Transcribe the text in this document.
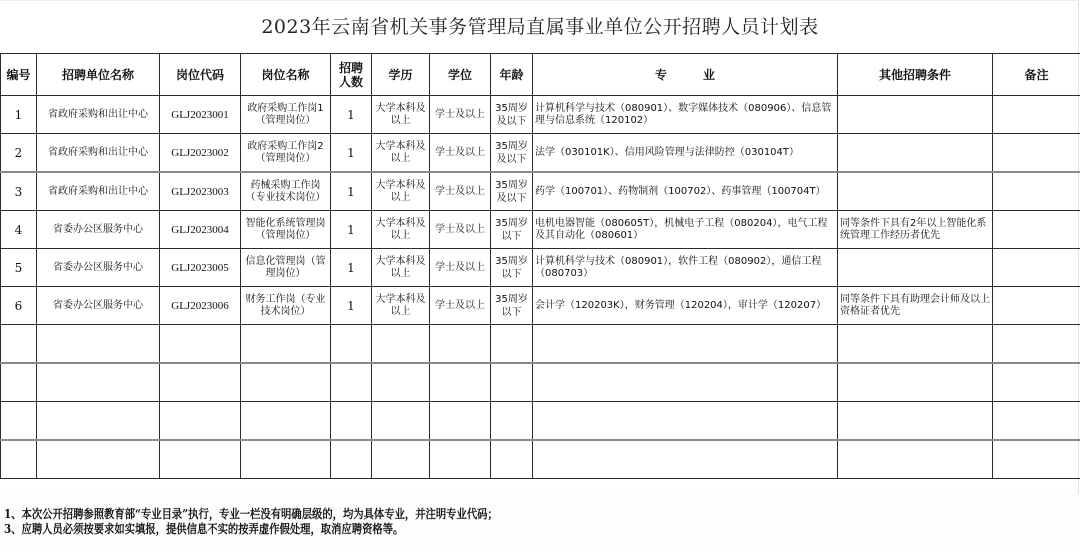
2023年云南省机关事务管理局直属事业单位公开招聘人员计划表
编号	招聘单位名称	岗位代码	岗位名称	招聘人数	学历	学位	年龄	专　　　业	其他招聘条件	备注
1	省政府采购和出让中心	GLJ2023001	政府采购工作岗1（管理岗位）	1	大学本科及以上	学士及以上	35周岁及以下	计算机科学与技术（080901）、数字媒体技术（080906）、信息管理与信息系统（120102）		
2	省政府采购和出让中心	GLJ2023002	政府采购工作岗2（管理岗位）	1	大学本科及以上	学士及以上	35周岁及以下	法学（030101K）、信用风险管理与法律防控（030104T）		
3	省政府采购和出让中心	GLJ2023003	药械采购工作岗（专业技术岗位）	1	大学本科及以上	学士及以上	35周岁及以下	药学（100701）、药物制剂（100702）、药事管理（100704T）		
4	省委办公区服务中心	GLJ2023004	智能化系统管理岗（管理岗位）	1	大学本科及以上	学士及以上	35周岁以下	电机电器智能（080605T），机械电子工程（080204），电气工程及其自动化（080601）	同等条件下具有2年以上智能化系统管理工作经历者优先	
5	省委办公区服务中心	GLJ2023005	信息化管理岗（管理岗位）	1	大学本科及以上	学士及以上	35周岁以下	计算机科学与技术（080901），软件工程（080902），通信工程（080703）		
6	省委办公区服务中心	GLJ2023006	财务工作岗（专业技术岗位）	1	大学本科及以上	学士及以上	35周岁以下	会计学（120203K），财务管理（120204），审计学（120207）	同等条件下具有助理会计师及以上资格证者优先	

1、本次公开招聘参照教育部“专业目录”执行，专业一栏没有明确层级的，均为具体专业，并注明专业代码；
3、应聘人员必须按要求如实填报，提供信息不实的按弄虚作假处理，取消应聘资格等。
